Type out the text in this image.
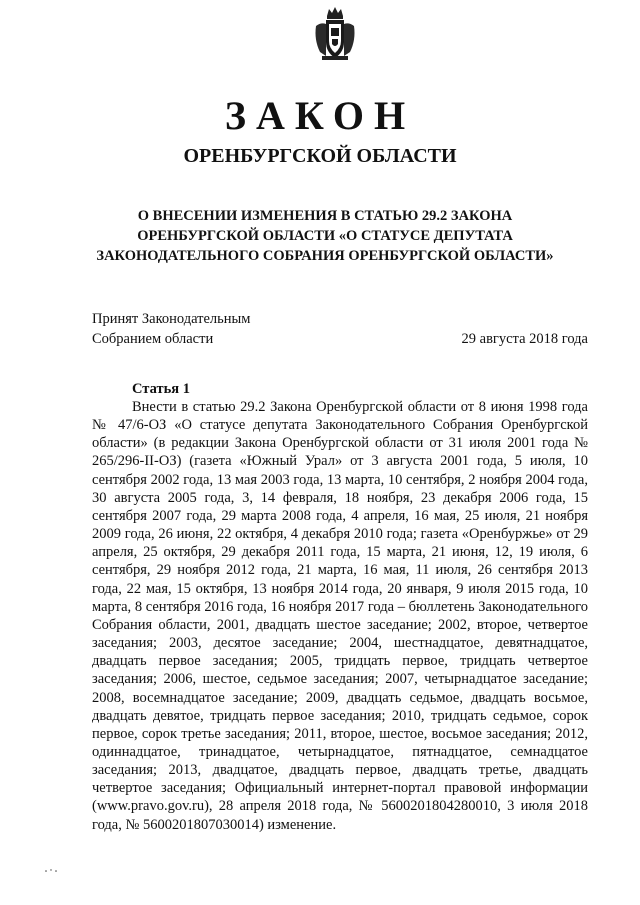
ЗАКОН
ОРЕНБУРГСКОЙ ОБЛАСТИ
О ВНЕСЕНИИ ИЗМЕНЕНИЯ В СТАТЬЮ 29.2 ЗАКОНА
ОРЕНБУРГСКОЙ ОБЛАСТИ «О СТАТУСЕ ДЕПУТАТА
ЗАКОНОДАТЕЛЬНОГО СОБРАНИЯ ОРЕНБУРГСКОЙ ОБЛАСТИ»
Принят Законодательным
Собранием области	29 августа 2018 года
Статья 1
Внести в статью 29.2 Закона Оренбургской области от 8 июня 1998 года № 47/6-ОЗ «О статусе депутата Законодательного Собрания Оренбургской области» (в редакции Закона Оренбургской области от 31 июля 2001 года № 265/296-II-ОЗ) (газета «Южный Урал» от 3 августа 2001 года, 5 июля, 10 сентября 2002 года, 13 мая 2003 года, 13 марта, 10 сентября, 2 ноября 2004 года, 30 августа 2005 года, 3, 14 февраля, 18 ноября, 23 декабря 2006 года, 15 сентября 2007 года, 29 марта 2008 года, 4 апреля, 16 мая, 25 июля, 21 ноября 2009 года, 26 июня, 22 октября, 4 декабря 2010 года; газета «Оренбуржье» от 29 апреля, 25 октября, 29 декабря 2011 года, 15 марта, 21 июня, 12, 19 июля, 6 сентября, 29 ноября 2012 года, 21 марта, 16 мая, 11 июля, 26 сентября 2013 года, 22 мая, 15 октября, 13 ноября 2014 года, 20 января, 9 июля 2015 года, 10 марта, 8 сентября 2016 года, 16 ноября 2017 года – бюллетень Законодательного Собрания области, 2001, двадцать шестое заседание; 2002, второе, четвертое заседания; 2003, десятое заседание; 2004, шестнадцатое, девятнадцатое, двадцать первое заседания; 2005, тридцать первое, тридцать четвертое заседания; 2006, шестое, седьмое заседания; 2007, четырнадцатое заседание; 2008, восемнадцатое заседание; 2009, двадцать седьмое, двадцать восьмое, двадцать девятое, тридцать первое заседания; 2010, тридцать седьмое, сорок первое, сорок третье заседания; 2011, второе, шестое, восьмое заседания; 2012, одиннадцатое, тринадцатое, четырнадцатое, пятнадцатое, семнадцатое заседания; 2013, двадцатое, двадцать первое, двадцать третье, двадцать четвертое заседания; Официальный интернет-портал правовой информации (www.pravo.gov.ru), 28 апреля 2018 года, № 5600201804280010, 3 июля 2018 года, № 5600201807030014) изменение.
